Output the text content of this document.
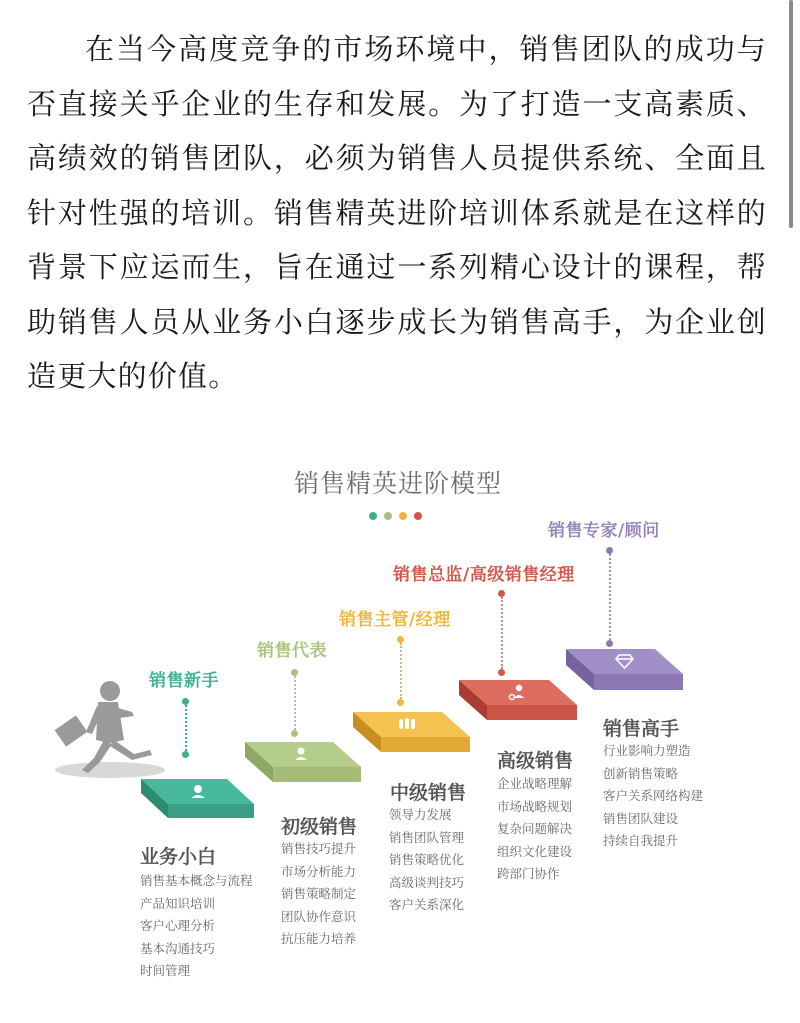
在当今高度竞争的市场环境中，销售团队的成功与否直接关乎企业的生存和发展。为了打造一支高素质、高绩效的销售团队，必须为销售人员提供系统、全面且针对性强的培训。销售精英进阶培训体系就是在这样的背景下应运而生，旨在通过一系列精心设计的课程，帮助销售人员从业务小白逐步成长为销售高手，为企业创造更大的价值。

销售精英进阶模型
销售新手
业务小白
销售基本概念与流程
产品知识培训
客户心理分析
基本沟通技巧
时间管理
销售代表
初级销售
销售技巧提升
市场分析能力
销售策略制定
团队协作意识
抗压能力培养
销售主管/经理
中级销售
领导力发展
销售团队管理
销售策略优化
高级谈判技巧
客户关系深化
销售总监/高级销售经理
高级销售
企业战略理解
市场战略规划
复杂问题解决
组织文化建设
跨部门协作
销售专家/顾问
销售高手
行业影响力塑造
创新销售策略
客户关系网络构建
销售团队建设
持续自我提升
